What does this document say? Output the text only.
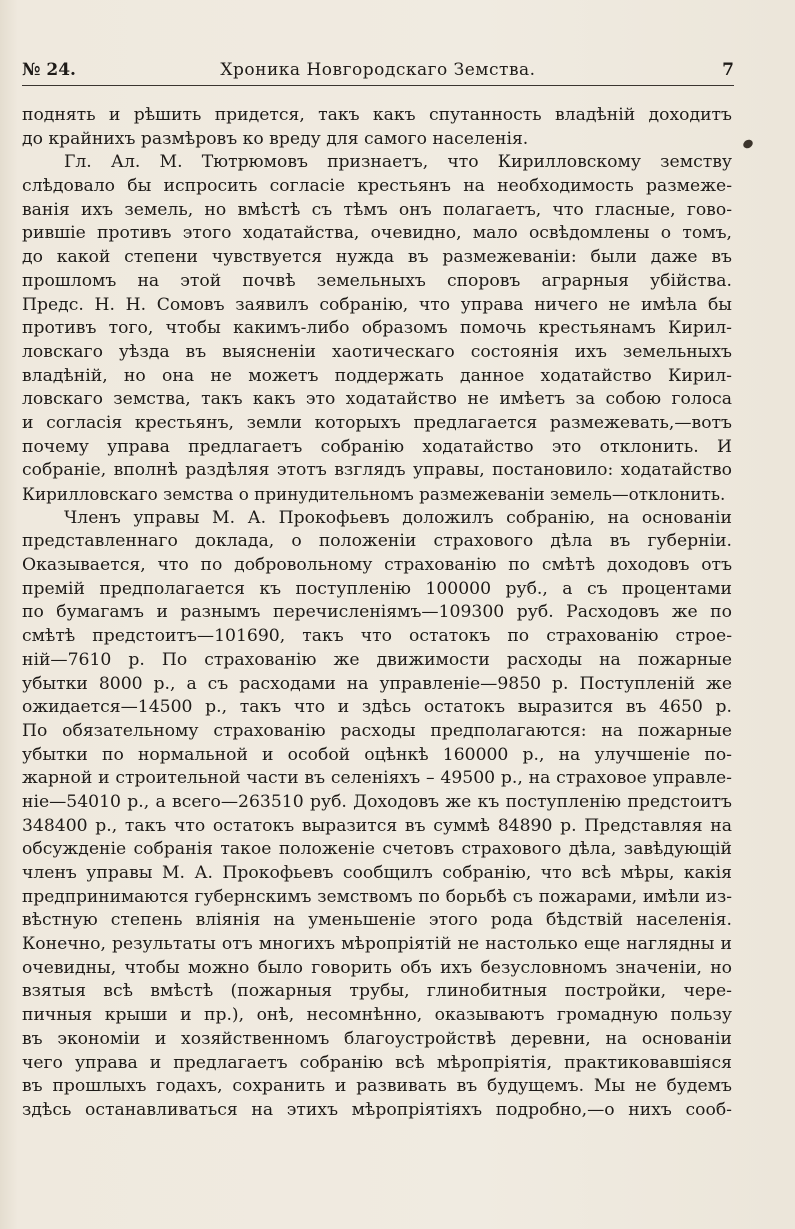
№ 24.	Хроника Новгородскаго Земства.	7
поднять и рѣшить придется, такъ какъ спутанность владѣній доходитъ
до крайнихъ размѣровъ ко вреду для самого населенія.
Гл. Ал. М. Тютрюмовъ признаетъ, что Кирилловскому земству
слѣдовало бы испросить согласіе крестьянъ на необходимость размеже-
ванія ихъ земель, но вмѣстѣ съ тѣмъ онъ полагаетъ, что гласные, гово-
рившіе противъ этого ходатайства, очевидно, мало освѣдомлены о томъ,
до какой степени чувствуется нужда въ размежеваніи: были даже въ
прошломъ на этой почвѣ земельныхъ споровъ аграрныя убійства.
Предс. Н. Н. Сомовъ заявилъ собранію, что управа ничего не имѣла бы
противъ того, чтобы какимъ-либо образомъ помочь крестьянамъ Кирил-
ловскаго уѣзда въ выясненіи хаотическаго состоянія ихъ земельныхъ
владѣній, но она не можетъ поддержать данное ходатайство Кирил-
ловскаго земства, такъ какъ это ходатайство не имѣетъ за собою голоса
и согласія крестьянъ, земли которыхъ предлагается размежевать,—вотъ
почему управа предлагаетъ собранію ходатайство это отклонить. И
собраніе, вполнѣ раздѣляя этотъ взглядъ управы, постановило: ходатайство
Кирилловскаго земства о принудительномъ размежеваніи земель—отклонить.
Членъ управы М. А. Прокофьевъ доложилъ собранію, на основаніи
представленнаго доклада, о положеніи страхового дѣла въ губерніи.
Оказывается, что по добровольному страхованію по смѣтѣ доходовъ отъ
премій предполагается къ поступленію 100000 руб., а съ процентами
по бумагамъ и разнымъ перечисленіямъ—109300 руб. Расходовъ же по
смѣтѣ предстоитъ—101690, такъ что остатокъ по страхованію строе-
ній—7610 р. По страхованію же движимости расходы на пожарные
убытки 8000 р., а съ расходами на управленіе—9850 р. Поступленій же
ожидается—14500 р., такъ что и здѣсь остатокъ выразится въ 4650 р.
По обязательному страхованію расходы предполагаются: на пожарные
убытки по нормальной и особой оцѣнкѣ 160000 р., на улучшеніе по-
жарной и строительной части въ селеніяхъ – 49500 р., на страховое управле-
ніе—54010 р., а всего—263510 руб. Доходовъ же къ поступленію предстоитъ
348400 р., такъ что остатокъ выразится въ суммѣ 84890 р. Представляя на
обсужденіе собранія такое положеніе счетовъ страхового дѣла, завѣдующій
членъ управы М. А. Прокофьевъ сообщилъ собранію, что всѣ мѣры, какія
предпринимаются губернскимъ земствомъ по борьбѣ съ пожарами, имѣли из-
вѣстную степень вліянія на уменьшеніе этого рода бѣдствій населенія.
Конечно, результаты отъ многихъ мѣропріятій не настолько еще наглядны и
очевидны, чтобы можно было говорить объ ихъ безусловномъ значеніи, но
взятыя всѣ вмѣстѣ (пожарныя трубы, глинобитныя постройки, чере-
пичныя крыши и пр.), онѣ, несомнѣнно, оказываютъ громадную пользу
въ экономіи и хозяйственномъ благоустройствѣ деревни, на основаніи
чего управа и предлагаетъ собранію всѣ мѣропріятія, практиковавшіяся
въ прошлыхъ годахъ, сохранить и развивать въ будущемъ. Мы не будемъ
здѣсь останавливаться на этихъ мѣропріятіяхъ подробно,—о нихъ сооб-
